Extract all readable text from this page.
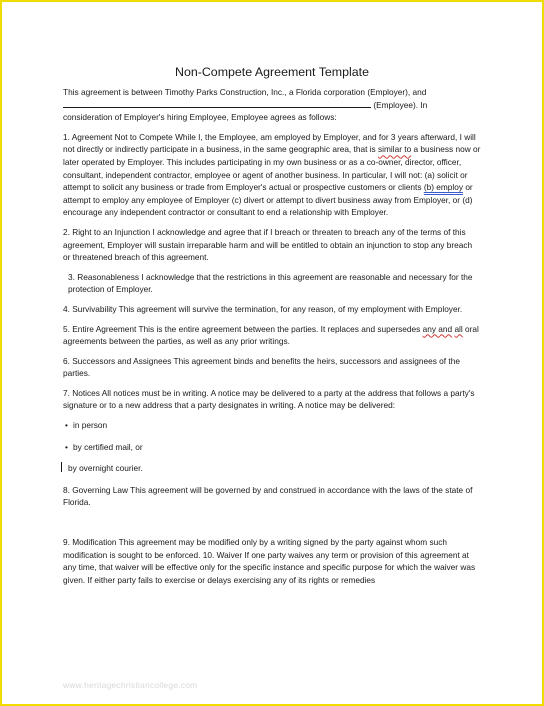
Non-Compete Agreement Template
This agreement is between Timothy Parks Construction, Inc., a Florida corporation (Employer), and
(Employee). In
consideration of Employer's hiring Employee, Employee agrees as follows:

1. Agreement Not to Compete While I, the Employee, am employed by Employer, and for 3 years afterward, I will not directly or indirectly participate in a business, in the same geographic area, that is similar to a business now or later operated by Employer. This includes participating in my own business or as a co-owner, director, officer, consultant, independent contractor, employee or agent of another business. In particular, I will not: (a) solicit or attempt to solicit any business or trade from Employer's actual or prospective customers or clients (b) employ or attempt to employ any employee of Employer (c) divert or attempt to divert business away from Employer, or (d) encourage any independent contractor or consultant to end a relationship with Employer.

2. Right to an Injunction I acknowledge and agree that if I breach or threaten to breach any of the terms of this agreement, Employer will sustain irreparable harm and will be entitled to obtain an injunction to stop any breach or threatened breach of this agreement.

3. Reasonableness I acknowledge that the restrictions in this agreement are reasonable and necessary for the protection of Employer.

4. Survivability This agreement will survive the termination, for any reason, of my employment with Employer.

5. Entire Agreement This is the entire agreement between the parties. It replaces and supersedes any and all oral agreements between the parties, as well as any prior writings.

6. Successors and Assignees This agreement binds and benefits the heirs, successors and assignees of the parties.

7. Notices All notices must be in writing. A notice may be delivered to a party at the address that follows a party's signature or to a new address that a party designates in writing. A notice may be delivered:

• in person
• by certified mail, or
by overnight courier.

8. Governing Law This agreement will be governed by and construed in accordance with the laws of the state of Florida.

9. Modification This agreement may be modified only by a writing signed by the party against whom such modification is sought to be enforced. 10. Waiver If one party waives any term or provision of this agreement at any time, that waiver will be effective only for the specific instance and specific purpose for which the waiver was given. If either party fails to exercise or delays exercising any of its rights or remedies

www.heritagechristiancollege.com
